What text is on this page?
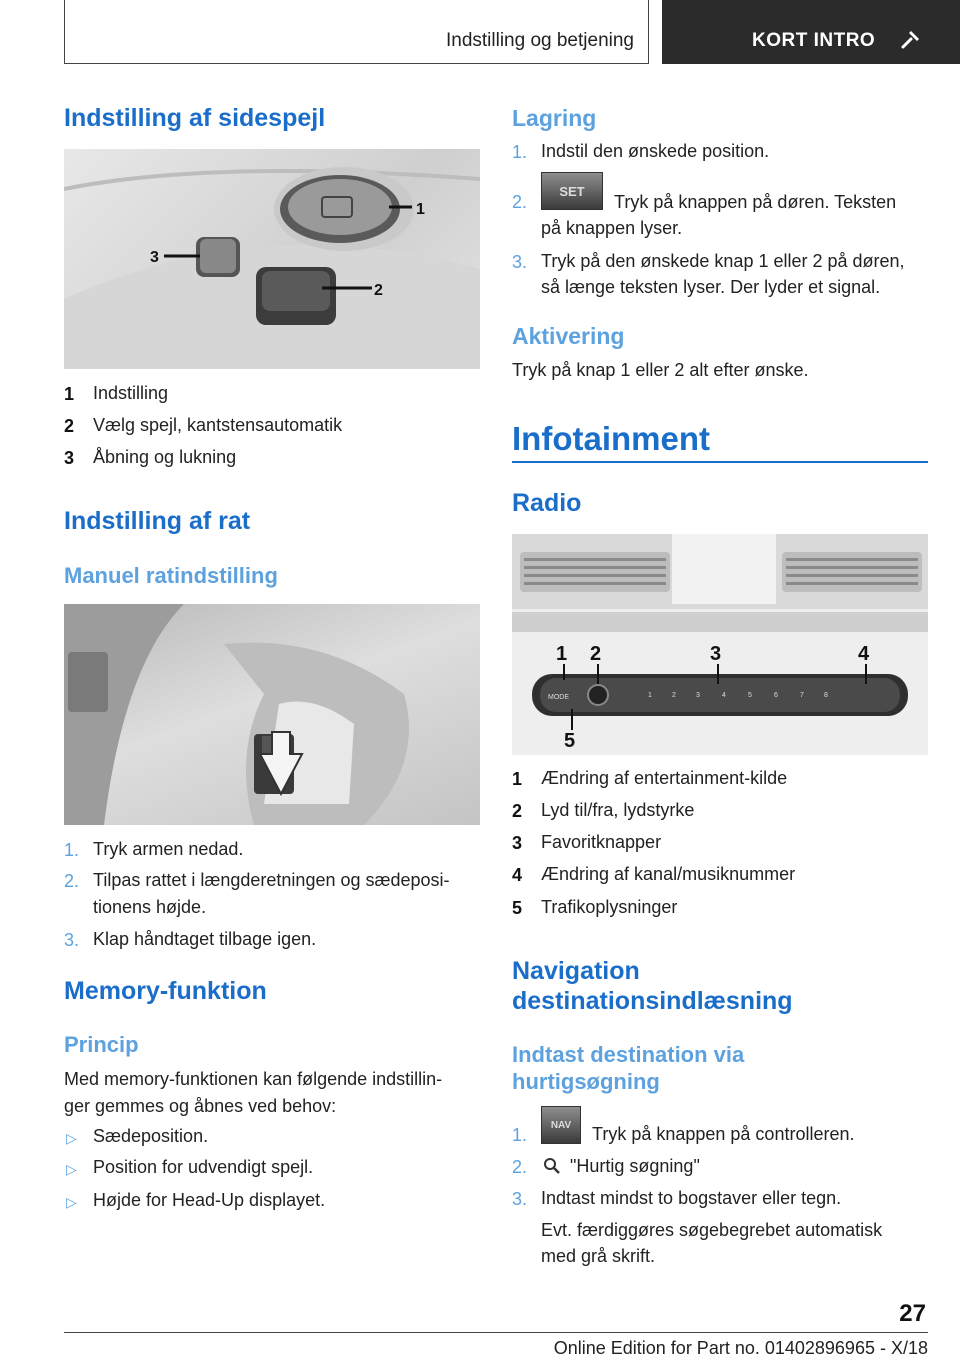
Indstilling og betjening	KORT INTRO
Indstilling af sidespejl
1
2
3
1 Indstilling
2 Vælg spejl, kantstensautomatik
3 Åbning og lukning
Indstilling af rat
Manuel ratindstilling
1. Tryk armen nedad.
2. Tilpas rattet i længderetningen og sædeposi-
tionens højde.
3. Klap håndtaget tilbage igen.
Memory-funktion
Princip
Med memory-funktionen kan følgende indstillin-
ger gemmes og åbnes ved behov:
▷ Sædeposition.
▷ Position for udvendigt spejl.
▷ Højde for Head-Up displayet.
Lagring
1. Indstil den ønskede position.
2.
SET
Tryk på knappen på døren. Teksten
på knappen lyser.
3. Tryk på den ønskede knap 1 eller 2 på døren,
så længe teksten lyser. Der lyder et signal.
Aktivering
Tryk på knap 1 eller 2 alt efter ønske.
Infotainment
Radio
MODE	1	2	3	4	5	6	7	8
1 2	3	4
5
1 Ændring af entertainment-kilde
2 Lyd til/fra, lydstyrke
3 Favoritknapper
4 Ændring af kanal/musiknummer
5 Trafikoplysninger
Navigation
destinationsindlæsning
Indtast destination via
hurtigsøgning
1.	NAV	Tryk på knappen på controlleren.
2. "Hurtig søgning"
3. Indtast mindst to bogstaver eller tegn.
Evt. færdiggøres søgebegrebet automatisk
med grå skrift.
27
Online Edition for Part no. 01402896965 - X/18
